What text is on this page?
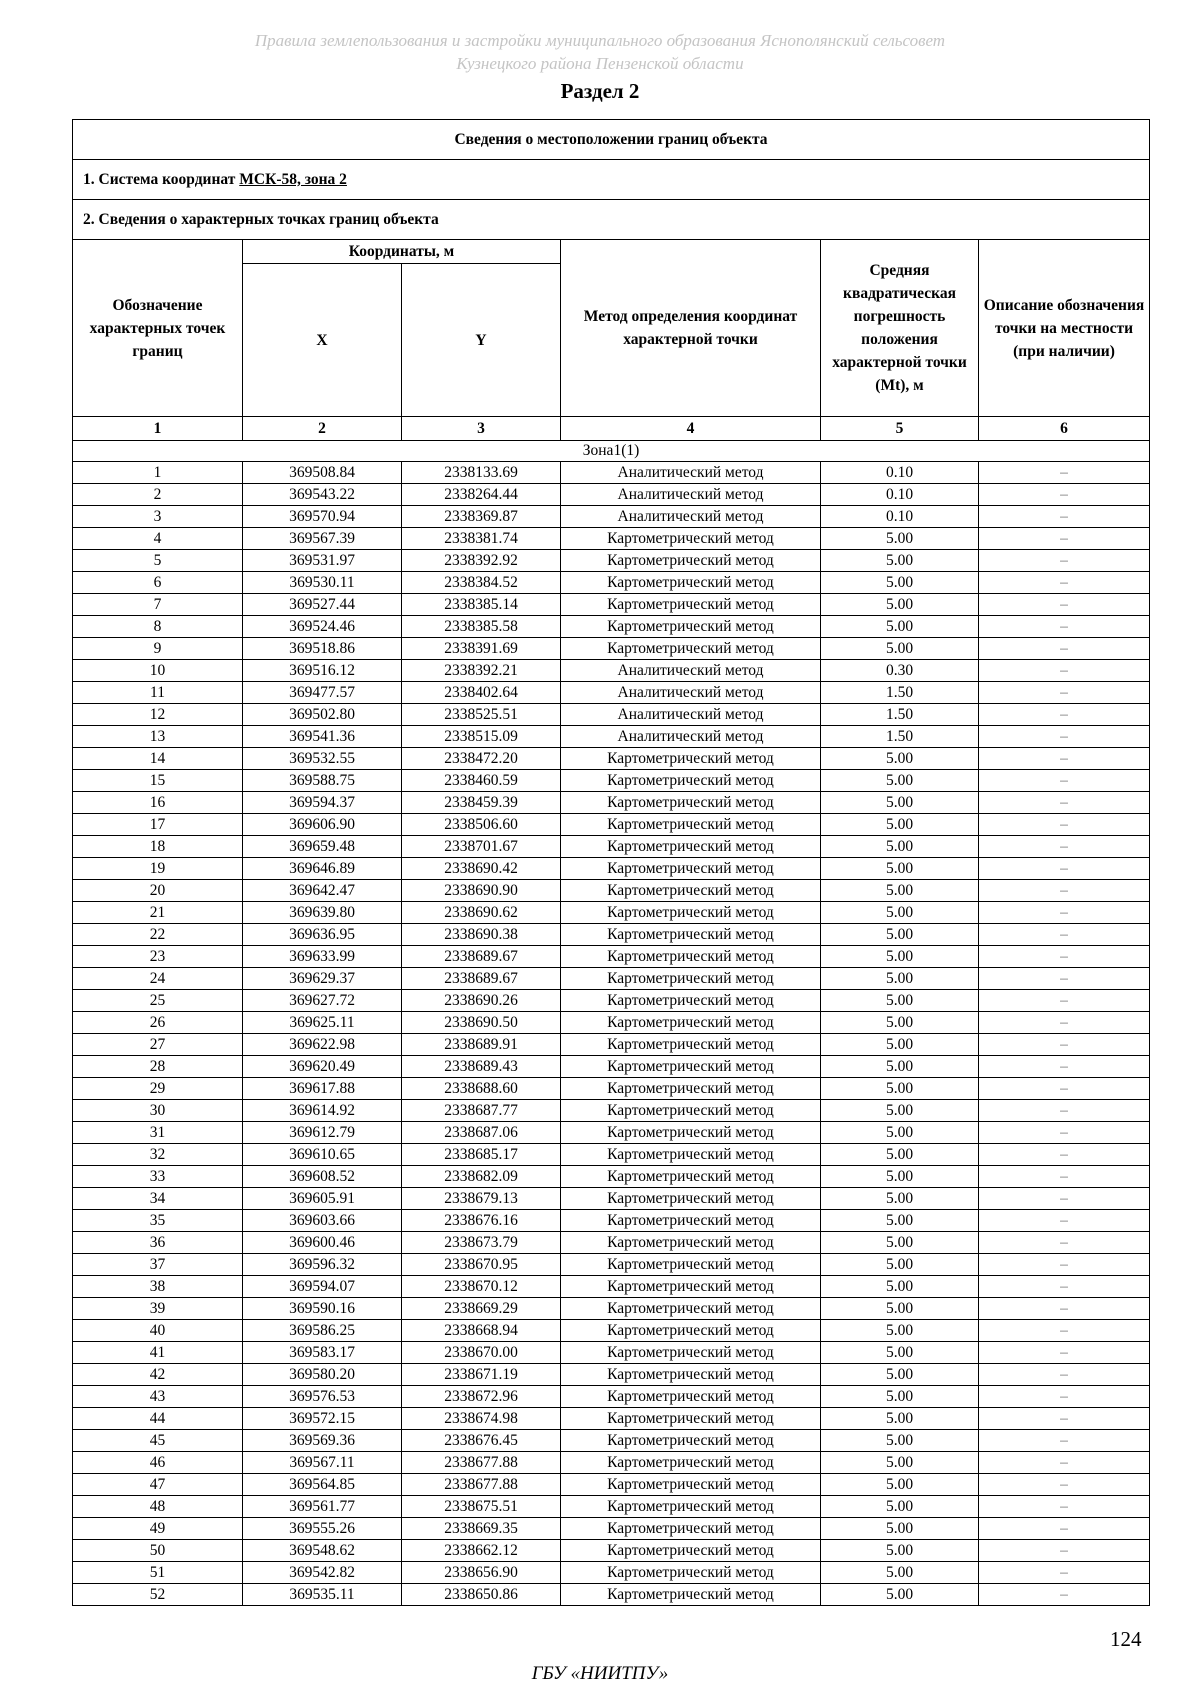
Правила землепользования и застройки муниципального образования Яснополянский сельсовет
Кузнецкого района Пензенской области
Раздел 2
Сведения о местоположении границ объекта					
1. Система координат МСК-58, зона 2					
2. Сведения о характерных точках границ объекта					
Обозначение характерных точек границ	Координаты, м		Метод определения координат характерной точки	Средняя квадратическая погрешность положения характерной точки (Mt), м	Описание обозначения точки на местности (при наличии)
	X	Y			
1	2	3	4	5	6
Зона1(1)					
1	369508.84	2338133.69	Аналитический метод	0.10	–
2	369543.22	2338264.44	Аналитический метод	0.10	–
3	369570.94	2338369.87	Аналитический метод	0.10	–
4	369567.39	2338381.74	Картометрический метод	5.00	–
5	369531.97	2338392.92	Картометрический метод	5.00	–
6	369530.11	2338384.52	Картометрический метод	5.00	–
7	369527.44	2338385.14	Картометрический метод	5.00	–
8	369524.46	2338385.58	Картометрический метод	5.00	–
9	369518.86	2338391.69	Картометрический метод	5.00	–
10	369516.12	2338392.21	Аналитический метод	0.30	–
11	369477.57	2338402.64	Аналитический метод	1.50	–
12	369502.80	2338525.51	Аналитический метод	1.50	–
13	369541.36	2338515.09	Аналитический метод	1.50	–
14	369532.55	2338472.20	Картометрический метод	5.00	–
15	369588.75	2338460.59	Картометрический метод	5.00	–
16	369594.37	2338459.39	Картометрический метод	5.00	–
17	369606.90	2338506.60	Картометрический метод	5.00	–
18	369659.48	2338701.67	Картометрический метод	5.00	–
19	369646.89	2338690.42	Картометрический метод	5.00	–
20	369642.47	2338690.90	Картометрический метод	5.00	–
21	369639.80	2338690.62	Картометрический метод	5.00	–
22	369636.95	2338690.38	Картометрический метод	5.00	–
23	369633.99	2338689.67	Картометрический метод	5.00	–
24	369629.37	2338689.67	Картометрический метод	5.00	–
25	369627.72	2338690.26	Картометрический метод	5.00	–
26	369625.11	2338690.50	Картометрический метод	5.00	–
27	369622.98	2338689.91	Картометрический метод	5.00	–
28	369620.49	2338689.43	Картометрический метод	5.00	–
29	369617.88	2338688.60	Картометрический метод	5.00	–
30	369614.92	2338687.77	Картометрический метод	5.00	–
31	369612.79	2338687.06	Картометрический метод	5.00	–
32	369610.65	2338685.17	Картометрический метод	5.00	–
33	369608.52	2338682.09	Картометрический метод	5.00	–
34	369605.91	2338679.13	Картометрический метод	5.00	–
35	369603.66	2338676.16	Картометрический метод	5.00	–
36	369600.46	2338673.79	Картометрический метод	5.00	–
37	369596.32	2338670.95	Картометрический метод	5.00	–
38	369594.07	2338670.12	Картометрический метод	5.00	–
39	369590.16	2338669.29	Картометрический метод	5.00	–
40	369586.25	2338668.94	Картометрический метод	5.00	–
41	369583.17	2338670.00	Картометрический метод	5.00	–
42	369580.20	2338671.19	Картометрический метод	5.00	–
43	369576.53	2338672.96	Картометрический метод	5.00	–
44	369572.15	2338674.98	Картометрический метод	5.00	–
45	369569.36	2338676.45	Картометрический метод	5.00	–
46	369567.11	2338677.88	Картометрический метод	5.00	–
47	369564.85	2338677.88	Картометрический метод	5.00	–
48	369561.77	2338675.51	Картометрический метод	5.00	–
49	369555.26	2338669.35	Картометрический метод	5.00	–
50	369548.62	2338662.12	Картометрический метод	5.00	–
51	369542.82	2338656.90	Картометрический метод	5.00	–
52	369535.11	2338650.86	Картометрический метод	5.00	–
124
ГБУ «НИИТПУ»
